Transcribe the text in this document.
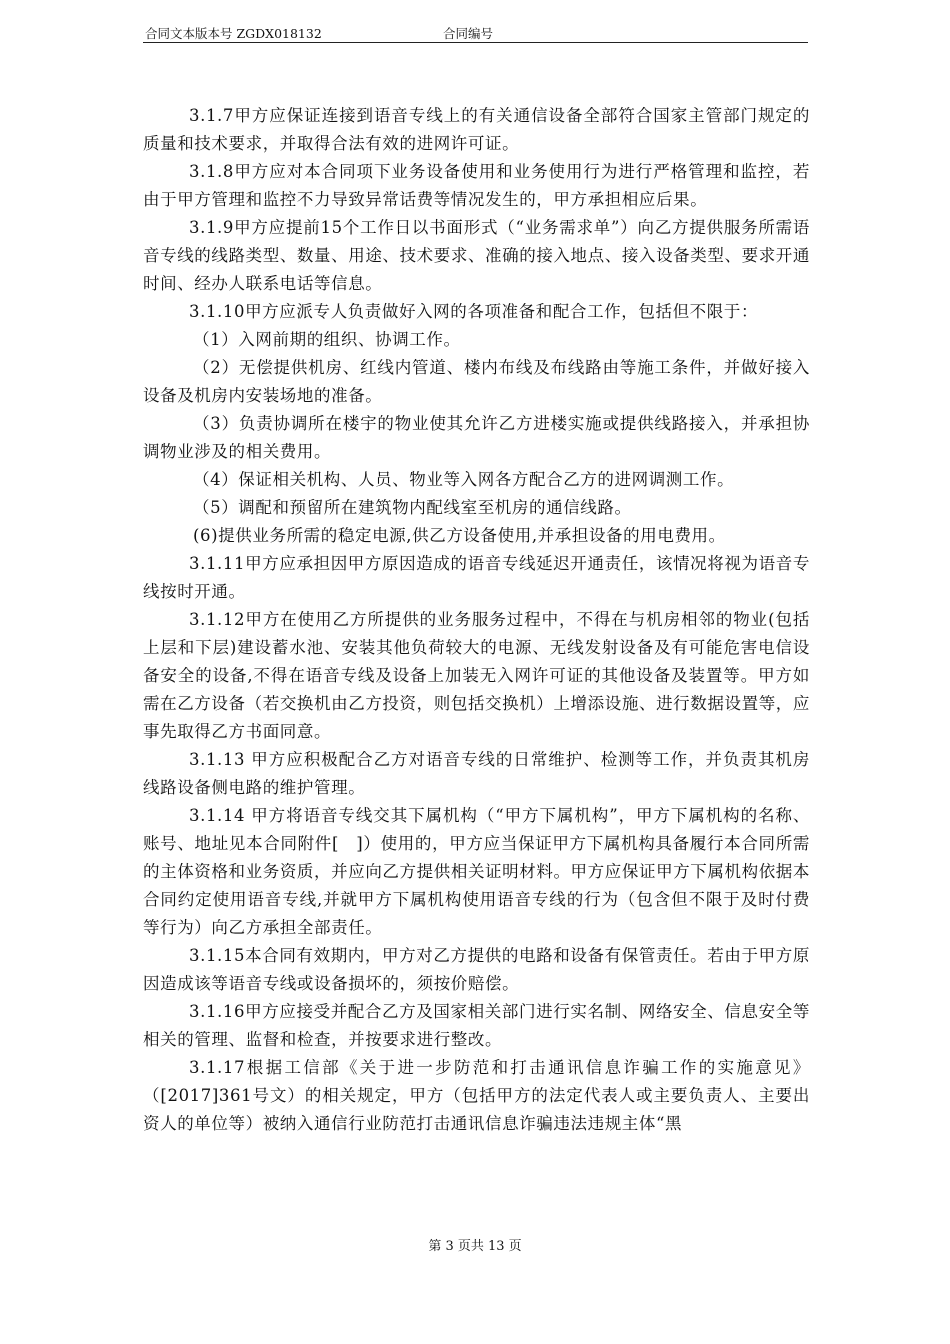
合同文本版本号 ZGDX018132	合同编号

3.1.7甲方应保证连接到语音专线上的有关通信设备全部符合国家主管部门规定的质量和技术要求，并取得合法有效的进网许可证。

3.1.8甲方应对本合同项下业务设备使用和业务使用行为进行严格管理和监控，若由于甲方管理和监控不力导致异常话费等情况发生的，甲方承担相应后果。

3.1.9甲方应提前15个工作日以书面形式（“业务需求单”）向乙方提供服务所需语音专线的线路类型、数量、用途、技术要求、准确的接入地点、接入设备类型、要求开通时间、经办人联系电话等信息。

3.1.10甲方应派专人负责做好入网的各项准备和配合工作，包括但不限于：

（1）入网前期的组织、协调工作。

（2）无偿提供机房、红线内管道、楼内布线及布线路由等施工条件，并做好接入设备及机房内安装场地的准备。

（3）负责协调所在楼宇的物业使其允许乙方进楼实施或提供线路接入，并承担协调物业涉及的相关费用。

（4）保证相关机构、人员、物业等入网各方配合乙方的进网调测工作。

（5）调配和预留所在建筑物内配线室至机房的通信线路。

(6)提供业务所需的稳定电源,供乙方设备使用,并承担设备的用电费用。

3.1.11甲方应承担因甲方原因造成的语音专线延迟开通责任，该情况将视为语音专线按时开通。

3.1.12甲方在使用乙方所提供的业务服务过程中，不得在与机房相邻的物业(包括上层和下层)建设蓄水池、安装其他负荷较大的电源、无线发射设备及有可能危害电信设备安全的设备,不得在语音专线及设备上加装无入网许可证的其他设备及装置等。甲方如需在乙方设备（若交换机由乙方投资，则包括交换机）上增添设施、进行数据设置等，应事先取得乙方书面同意。

3.1.13 甲方应积极配合乙方对语音专线的日常维护、检测等工作，并负责其机房线路设备侧电路的维护管理。

3.1.14 甲方将语音专线交其下属机构（“甲方下属机构”，甲方下属机构的名称、账号、地址见本合同附件[　]）使用的，甲方应当保证甲方下属机构具备履行本合同所需的主体资格和业务资质，并应向乙方提供相关证明材料。甲方应保证甲方下属机构依据本合同约定使用语音专线,并就甲方下属机构使用语音专线的行为（包含但不限于及时付费等行为）向乙方承担全部责任。

3.1.15本合同有效期内，甲方对乙方提供的电路和设备有保管责任。若由于甲方原因造成该等语音专线或设备损坏的，须按价赔偿。

3.1.16甲方应接受并配合乙方及国家相关部门进行实名制、网络安全、信息安全等相关的管理、监督和检查，并按要求进行整改。

3.1.17根据工信部《关于进一步防范和打击通讯信息诈骗工作的实施意见》（[2017]361号文）的相关规定，甲方（包括甲方的法定代表人或主要负责人、主要出资人的单位等）被纳入通信行业防范打击通讯信息诈骗违法违规主体“黑

第 3 页共 13 页
